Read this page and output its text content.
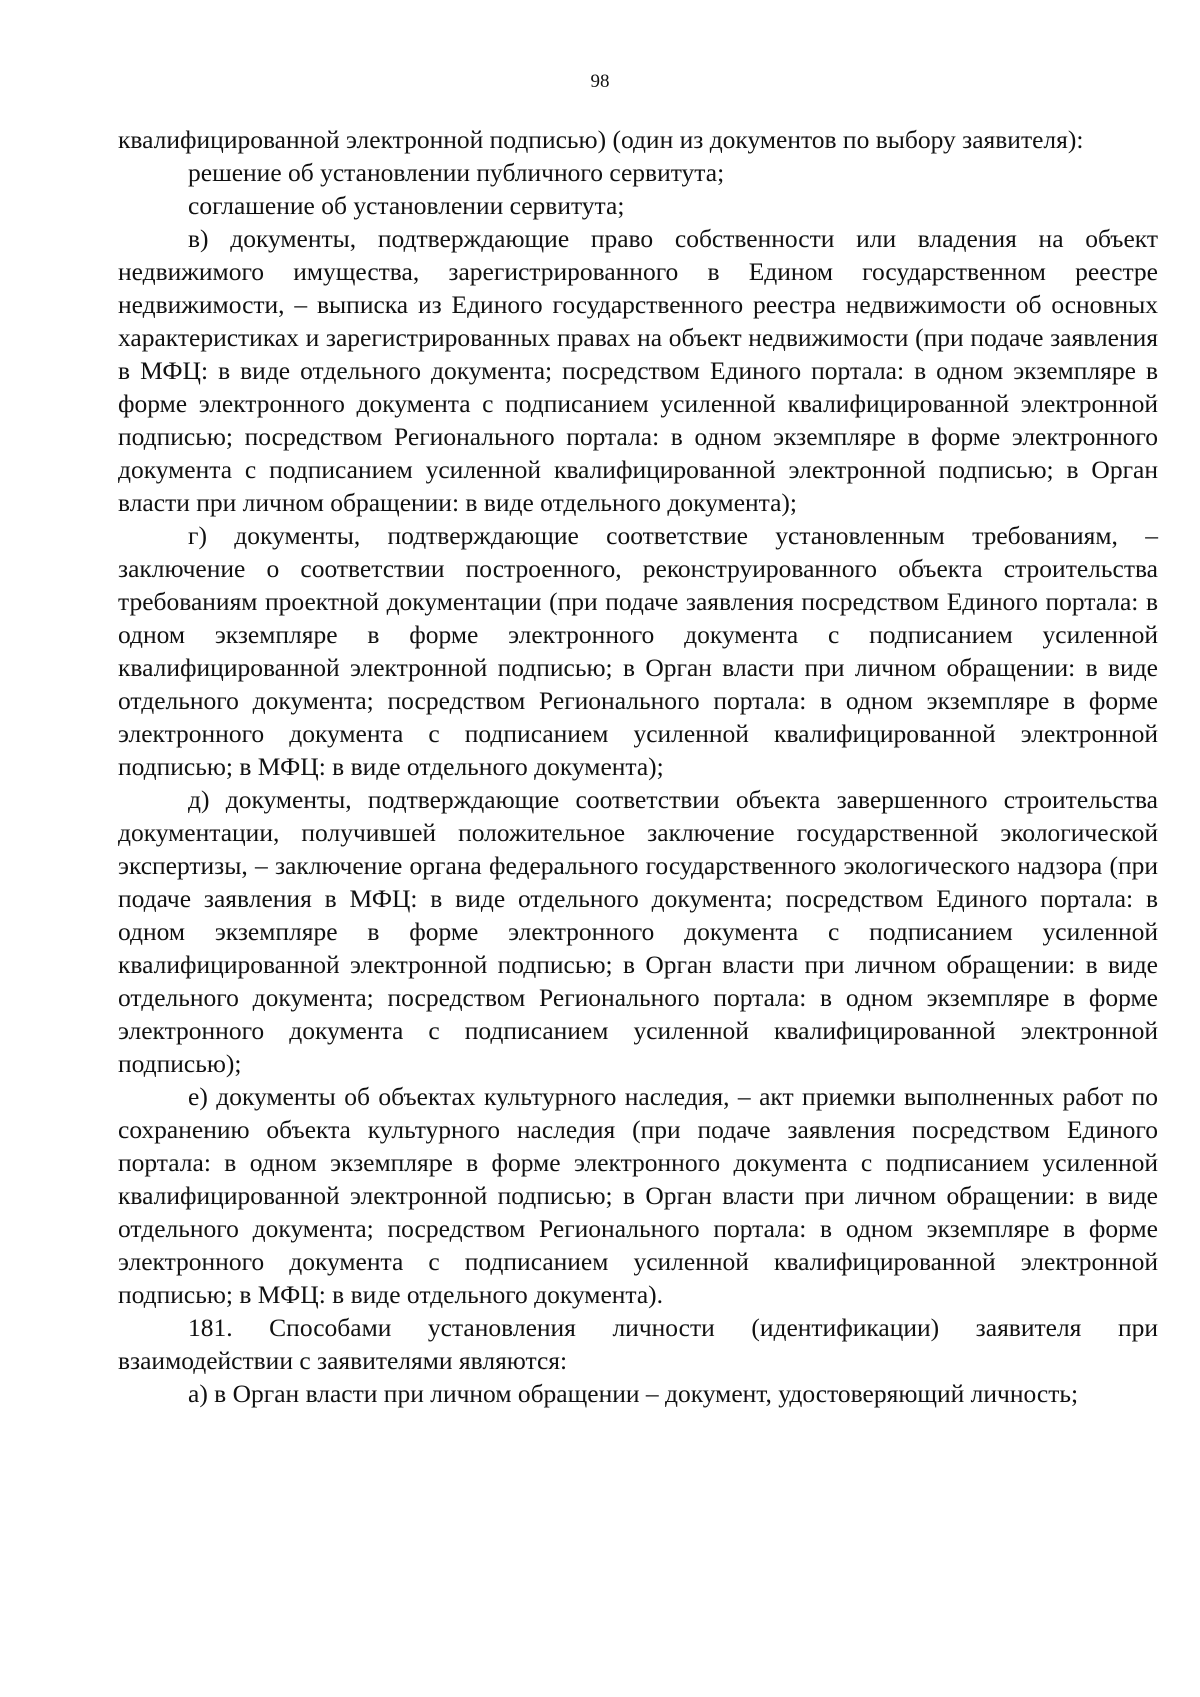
98

квалифицированной электронной подписью) (один из документов по выбору заявителя):

решение об установлении публичного сервитута;

соглашение об установлении сервитута;

в) документы, подтверждающие право собственности или владения на объект недвижимого имущества, зарегистрированного в Едином государственном реестре недвижимости, – выписка из Единого государственного реестра недвижимости об основных характеристиках и зарегистрированных правах на объект недвижимости (при подаче заявления в МФЦ: в виде отдельного документа; посредством Единого портала: в одном экземпляре в форме электронного документа с подписанием усиленной квалифицированной электронной подписью; посредством Регионального портала: в одном экземпляре в форме электронного документа с подписанием усиленной квалифицированной электронной подписью; в Орган власти при личном обращении: в виде отдельного документа);

г) документы, подтверждающие соответствие установленным требованиям, – заключение о соответствии построенного, реконструированного объекта строительства требованиям проектной документации (при подаче заявления посредством Единого портала: в одном экземпляре в форме электронного документа с подписанием усиленной квалифицированной электронной подписью; в Орган власти при личном обращении: в виде отдельного документа; посредством Регионального портала: в одном экземпляре в форме электронного документа с подписанием усиленной квалифицированной электронной подписью; в МФЦ: в виде отдельного документа);

д) документы, подтверждающие соответствии объекта завершенного строительства документации, получившей положительное заключение государственной экологической экспертизы, – заключение органа федерального государственного экологического надзора (при подаче заявления в МФЦ: в виде отдельного документа; посредством Единого портала: в одном экземпляре в форме электронного документа с подписанием усиленной квалифицированной электронной подписью; в Орган власти при личном обращении: в виде отдельного документа; посредством Регионального портала: в одном экземпляре в форме электронного документа с подписанием усиленной квалифицированной электронной подписью);

е) документы об объектах культурного наследия, – акт приемки выполненных работ по сохранению объекта культурного наследия (при подаче заявления посредством Единого портала: в одном экземпляре в форме электронного документа с подписанием усиленной квалифицированной электронной подписью; в Орган власти при личном обращении: в виде отдельного документа; посредством Регионального портала: в одном экземпляре в форме электронного документа с подписанием усиленной квалифицированной электронной подписью; в МФЦ: в виде отдельного документа).

181. Способами установления личности (идентификации) заявителя при взаимодействии с заявителями являются:

а) в Орган власти при личном обращении – документ, удостоверяющий личность;
